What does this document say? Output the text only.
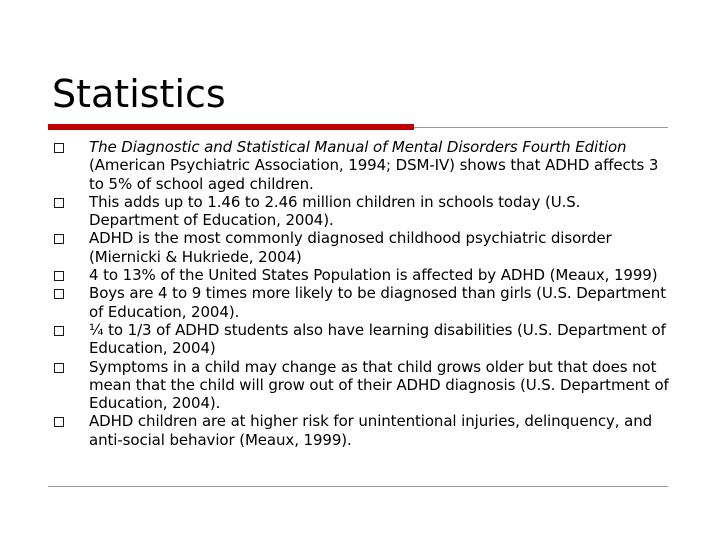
Statistics
The Diagnostic and Statistical Manual of Mental Disorders Fourth Edition (American Psychiatric Association, 1994; DSM-IV) shows that ADHD affects 3 to 5% of school aged children.
This adds up to 1.46 to 2.46 million children in schools today (U.S. Department of Education, 2004).
ADHD is the most commonly diagnosed childhood psychiatric disorder (Miernicki & Hukriede, 2004)
4 to 13% of the United States Population is affected by ADHD (Meaux, 1999)
Boys are 4 to 9 times more likely to be diagnosed than girls (U.S. Department of Education, 2004).
¼ to 1/3 of ADHD students also have learning disabilities (U.S. Department of Education, 2004)
Symptoms in a child may change as that child grows older but that does not mean that the child will grow out of their ADHD diagnosis (U.S. Department of Education, 2004).
ADHD children are at higher risk for unintentional injuries, delinquency, and anti-social behavior (Meaux, 1999).
